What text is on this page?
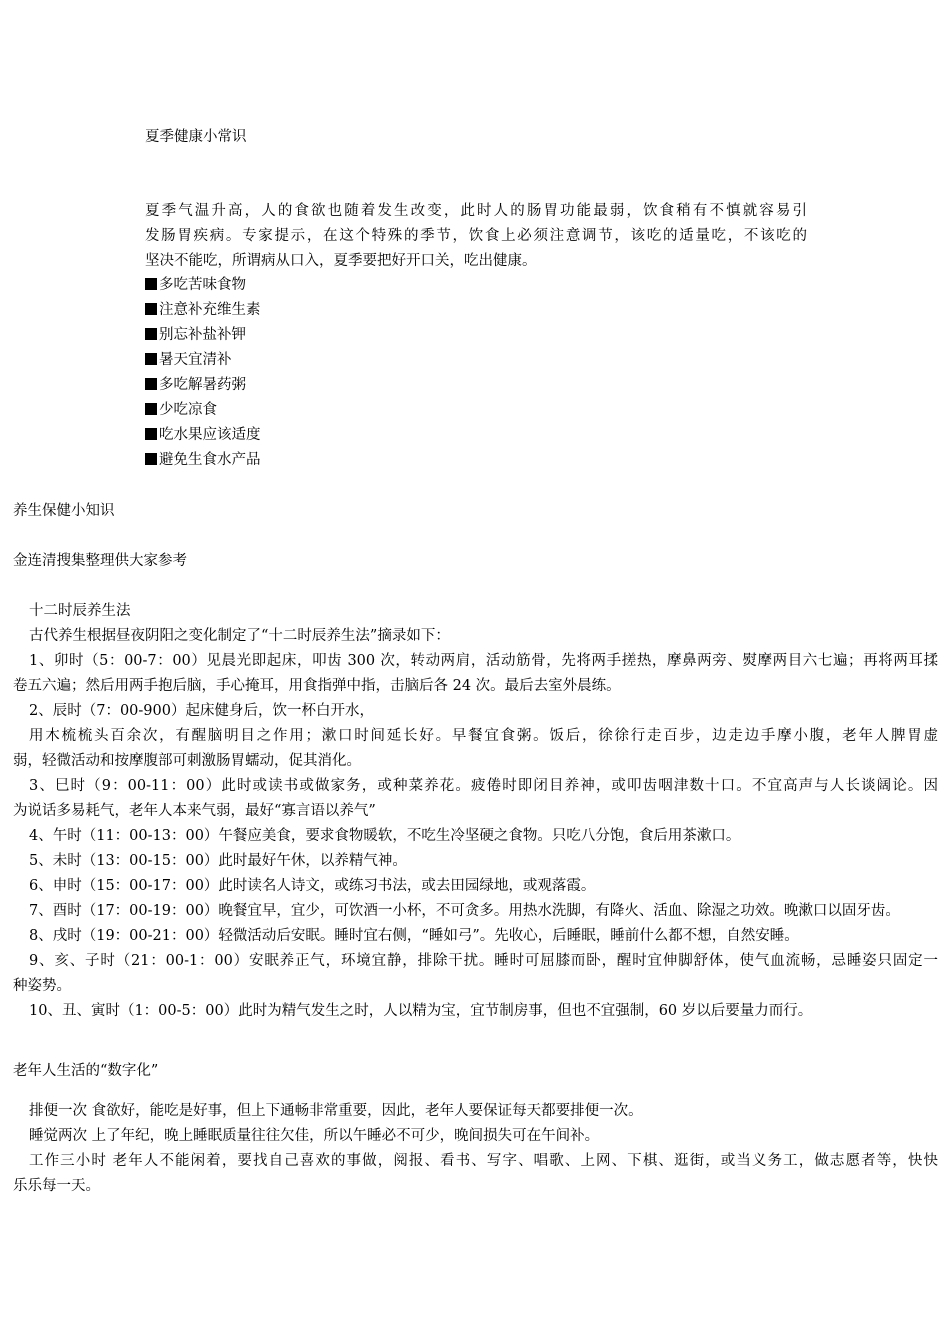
夏季健康小常识
夏季气温升高，人的食欲也随着发生改变，此时人的肠胃功能最弱，饮食稍有不慎就容易引
发肠胃疾病。专家提示，在这个特殊的季节，饮食上必须注意调节，该吃的适量吃，不该吃的
坚决不能吃，所谓病从口入，夏季要把好开口关，吃出健康。
多吃苦味食物
注意补充维生素
别忘补盐补钾
暑天宜清补
多吃解暑药粥
少吃凉食
吃水果应该适度
避免生食水产品
养生保健小知识
金连清搜集整理供大家参考
十二时辰养生法
古代养生根据昼夜阴阳之变化制定了“十二时辰养生法”摘录如下：
1、卯时（5：00-7：00）见晨光即起床，叩齿 300 次，转动两肩，活动筋骨，先将两手搓热，摩鼻两旁、熨摩两目六七遍；再将两耳揉
卷五六遍；然后用两手抱后脑，手心掩耳，用食指弹中指，击脑后各 24 次。最后去室外晨练。
2、辰时（7：00-900）起床健身后，饮一杯白开水，
用木梳梳头百余次，有醒脑明目之作用；漱口时间延长好。早餐宜食粥。饭后，徐徐行走百步，边走边手摩小腹，老年人脾胃虚
弱，轻微活动和按摩腹部可刺激肠胃蠕动，促其消化。
3、巳时（9：00-11：00）此时或读书或做家务，或种菜养花。疲倦时即闭目养神，或叩齿咽津数十口。不宜高声与人长谈阔论。因
为说话多易耗气，老年人本来气弱，最好“寡言语以养气”
4、午时（11：00-13：00）午餐应美食，要求食物暖软，不吃生冷坚硬之食物。只吃八分饱，食后用茶漱口。
5、未时（13：00-15：00）此时最好午休，以养精气神。
6、申时（15：00-17：00）此时读名人诗文，或练习书法，或去田园绿地，或观落霞。
7、酉时（17：00-19：00）晚餐宜早，宜少，可饮酒一小杯，不可贪多。用热水洗脚，有降火、活血、除湿之功效。晚漱口以固牙齿。
8、戌时（19：00-21：00）轻微活动后安眠。睡时宜右侧，“睡如弓”。先收心，后睡眠，睡前什么都不想，自然安睡。
9、亥、子时（21：00-1：00）安眠养正气，环境宜静，排除干扰。睡时可屈膝而卧，醒时宜伸脚舒体，使气血流畅，忌睡姿只固定一
种姿势。
10、丑、寅时（1：00-5：00）此时为精气发生之时，人以精为宝，宜节制房事，但也不宜强制，60 岁以后要量力而行。
老年人生活的“数字化”
排便一次 食欲好，能吃是好事，但上下通畅非常重要，因此，老年人要保证每天都要排便一次。
睡觉两次 上了年纪，晚上睡眠质量往往欠佳，所以午睡必不可少，晚间损失可在午间补。
工作三小时 老年人不能闲着，要找自己喜欢的事做，阅报、看书、写字、唱歌、上网、下棋、逛街，或当义务工，做志愿者等，快快
乐乐每一天。
